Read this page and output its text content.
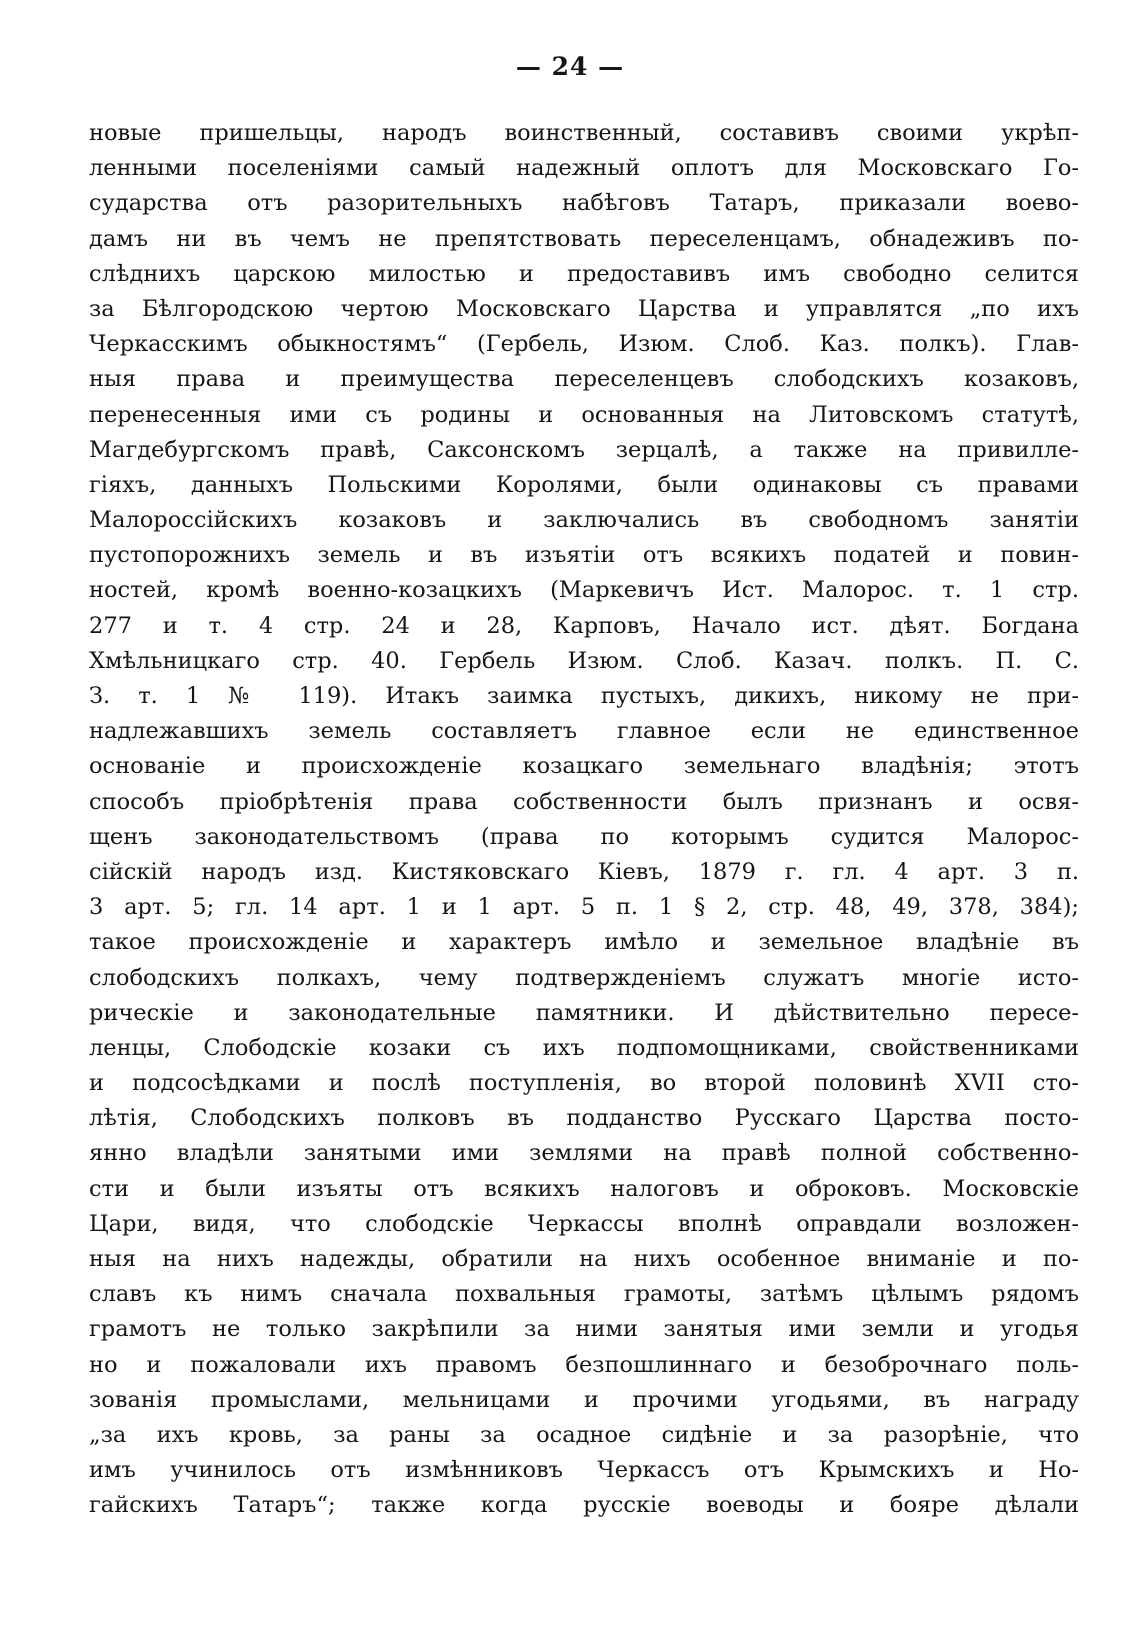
— 24 —
новые пришельцы, народъ воинственный, составивъ своими укрѣп-
ленными поселеніями самый надежный оплотъ для Московскаго Го-
сударства отъ разорительныхъ набѣговъ Татаръ, приказали воево-
дамъ ни въ чемъ не препятствовать переселенцамъ, обнадеживъ по-
слѣднихъ царскою милостью и предоставивъ имъ свободно селится
за Бѣлгородскою чертою Московскаго Царства и управлятся „по ихъ
Черкасскимъ обыкностямъ“ (Гербель, Изюм. Слоб. Каз. полкъ). Глав-
ныя права и преимущества переселенцевъ слободскихъ козаковъ,
перенесенныя ими съ родины и основанныя на Литовскомъ статутѣ,
Магдебургскомъ правѣ, Саксонскомъ зерцалѣ, а также на привилле-
гіяхъ, данныхъ Польскими Королями, были одинаковы съ правами
Малороссійскихъ козаковъ и заключались въ свободномъ занятіи
пустопорожнихъ земель и въ изъятіи отъ всякихъ податей и повин-
ностей, кромѣ военно-козацкихъ (Маркевичъ Ист. Малорос. т. 1 стр.
277 и т. 4 стр. 24 и 28, Карповъ, Начало ист. дѣят. Богдана
Хмѣльницкаго стр. 40. Гербель Изюм. Слоб. Казач. полкъ. П. С.
З. т. 1 № 119). Итакъ заимка пустыхъ, дикихъ, никому не при-
надлежавшихъ земель составляетъ главное если не единственное
основаніе и происхожденіе козацкаго земельнаго владѣнія; этотъ
способъ пріобрѣтенія права собственности былъ признанъ и освя-
щенъ законодательствомъ (права по которымъ судится Малорос-
сійскій народъ изд. Кистяковскаго Кіевъ, 1879 г. гл. 4 арт. 3 п.
3 арт. 5; гл. 14 арт. 1 и 1 арт. 5 п. 1 § 2, стр. 48, 49, 378, 384);
такое происхожденіе и характеръ имѣло и земельное владѣніе въ
слободскихъ полкахъ, чему подтвержденіемъ служатъ многіе исто-
рическіе и законодательные памятники. И дѣйствительно пересе-
ленцы, Слободскіе козаки съ ихъ подпомощниками, свойственниками
и подсосѣдками и послѣ поступленія, во второй половинѣ XVII сто-
лѣтія, Слободскихъ полковъ въ подданство Русскаго Царства посто-
янно владѣли занятыми ими землями на правѣ полной собственно-
сти и были изъяты отъ всякихъ налоговъ и оброковъ. Московскіе
Цари, видя, что слободскіе Черкассы вполнѣ оправдали возложен-
ныя на нихъ надежды, обратили на нихъ особенное вниманіе и по-
славъ къ нимъ сначала похвальныя грамоты, затѣмъ цѣлымъ рядомъ
грамотъ не только закрѣпили за ними занятыя ими земли и угодья
но и пожаловали ихъ правомъ безпошлиннаго и безоброчнаго поль-
зованія промыслами, мельницами и прочими угодьями, въ награду
„за ихъ кровь, за раны за осадное сидѣніе и за разорѣніе, что
имъ учинилось отъ измѣнниковъ Черкассъ отъ Крымскихъ и Но-
гайскихъ Татаръ“; также когда русскіе воеводы и бояре дѣлали
